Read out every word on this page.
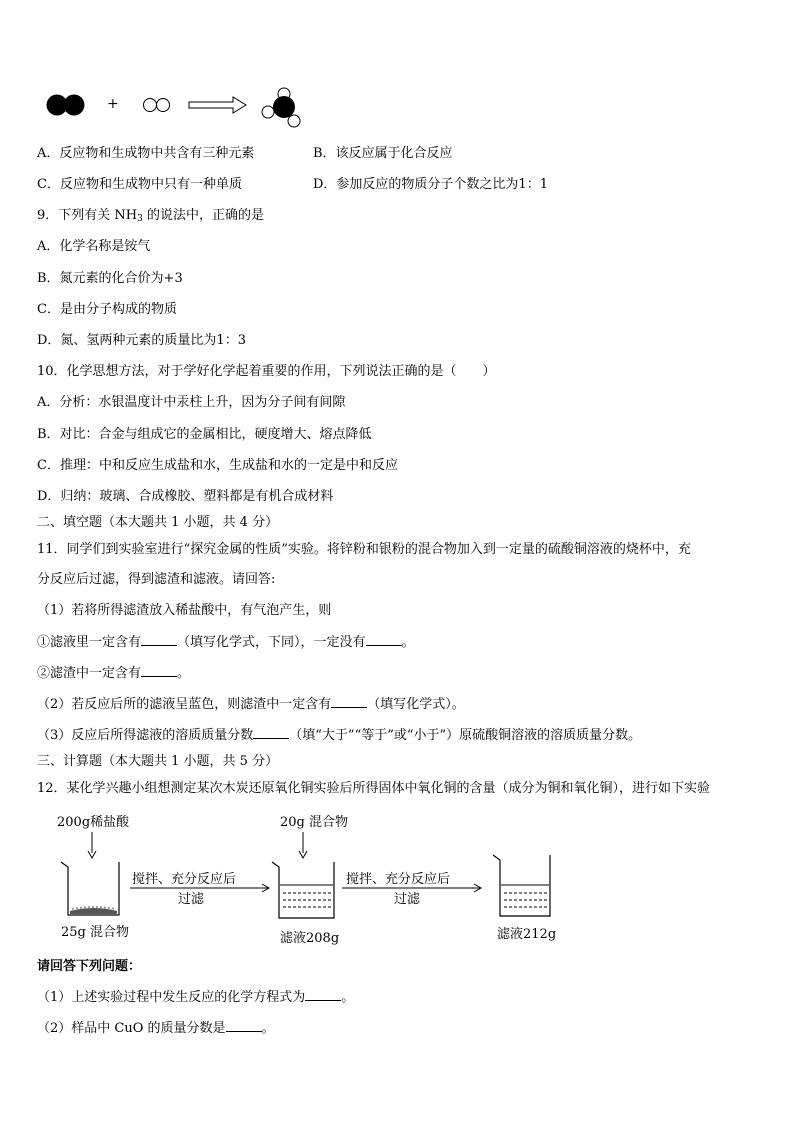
+
A．反应物和生成物中共含有三种元素	B．该反应属于化合反应
C．反应物和生成物中只有一种单质	D．参加反应的物质分子个数之比为1：1
9．下列有关 $NH_3$ 的说法中，正确的是
A．化学名称是铵气
B．氮元素的化合价为+3
C．是由分子构成的物质
D．氮、氢两种元素的质量比为1：3
10．化学思想方法，对于学好化学起着重要的作用，下列说法正确的是（　　）
A．分析：水银温度计中汞柱上升，因为分子间有间隙
B．对比：合金与组成它的金属相比，硬度增大、熔点降低
C．推理：中和反应生成盐和水，生成盐和水的一定是中和反应
D．归纳：玻璃、合成橡胶、塑料都是有机合成材料
二、填空题（本大题共 1 小题，共 4 分）
11．同学们到实验室进行“探究金属的性质”实验。将锌粉和银粉的混合物加入到一定量的硫酸铜溶液的烧杯中，充
分反应后过滤，得到滤渣和滤液。请回答:
（1）若将所得滤渣放入稀盐酸中，有气泡产生，则
①滤液里一定含有	（填写化学式，下同），一定没有	。
②滤渣中一定含有	。
（2）若反应后所的滤液呈蓝色，则滤渣中一定含有	（填写化学式）。
（3）反应后所得滤液的溶质质量分数	（填“大于”“等于”或“小于”）原硫酸铜溶液的溶质质量分数。
三、计算题（本大题共 1 小题，共 5 分）
12．某化学兴趣小组想测定某次木炭还原氧化铜实验后所得固体中氧化铜的含量（成分为铜和氧化铜），进行如下实验
200g稀盐酸
25g 混合物
搅拌、充分反应后
过滤
20g 混合物
滤液208g
搅拌、充分反应后
过滤
滤液212g
请回答下列问题：
（1）上述实验过程中发生反应的化学方程式为	。
（2）样品中 CuO 的质量分数是	。
